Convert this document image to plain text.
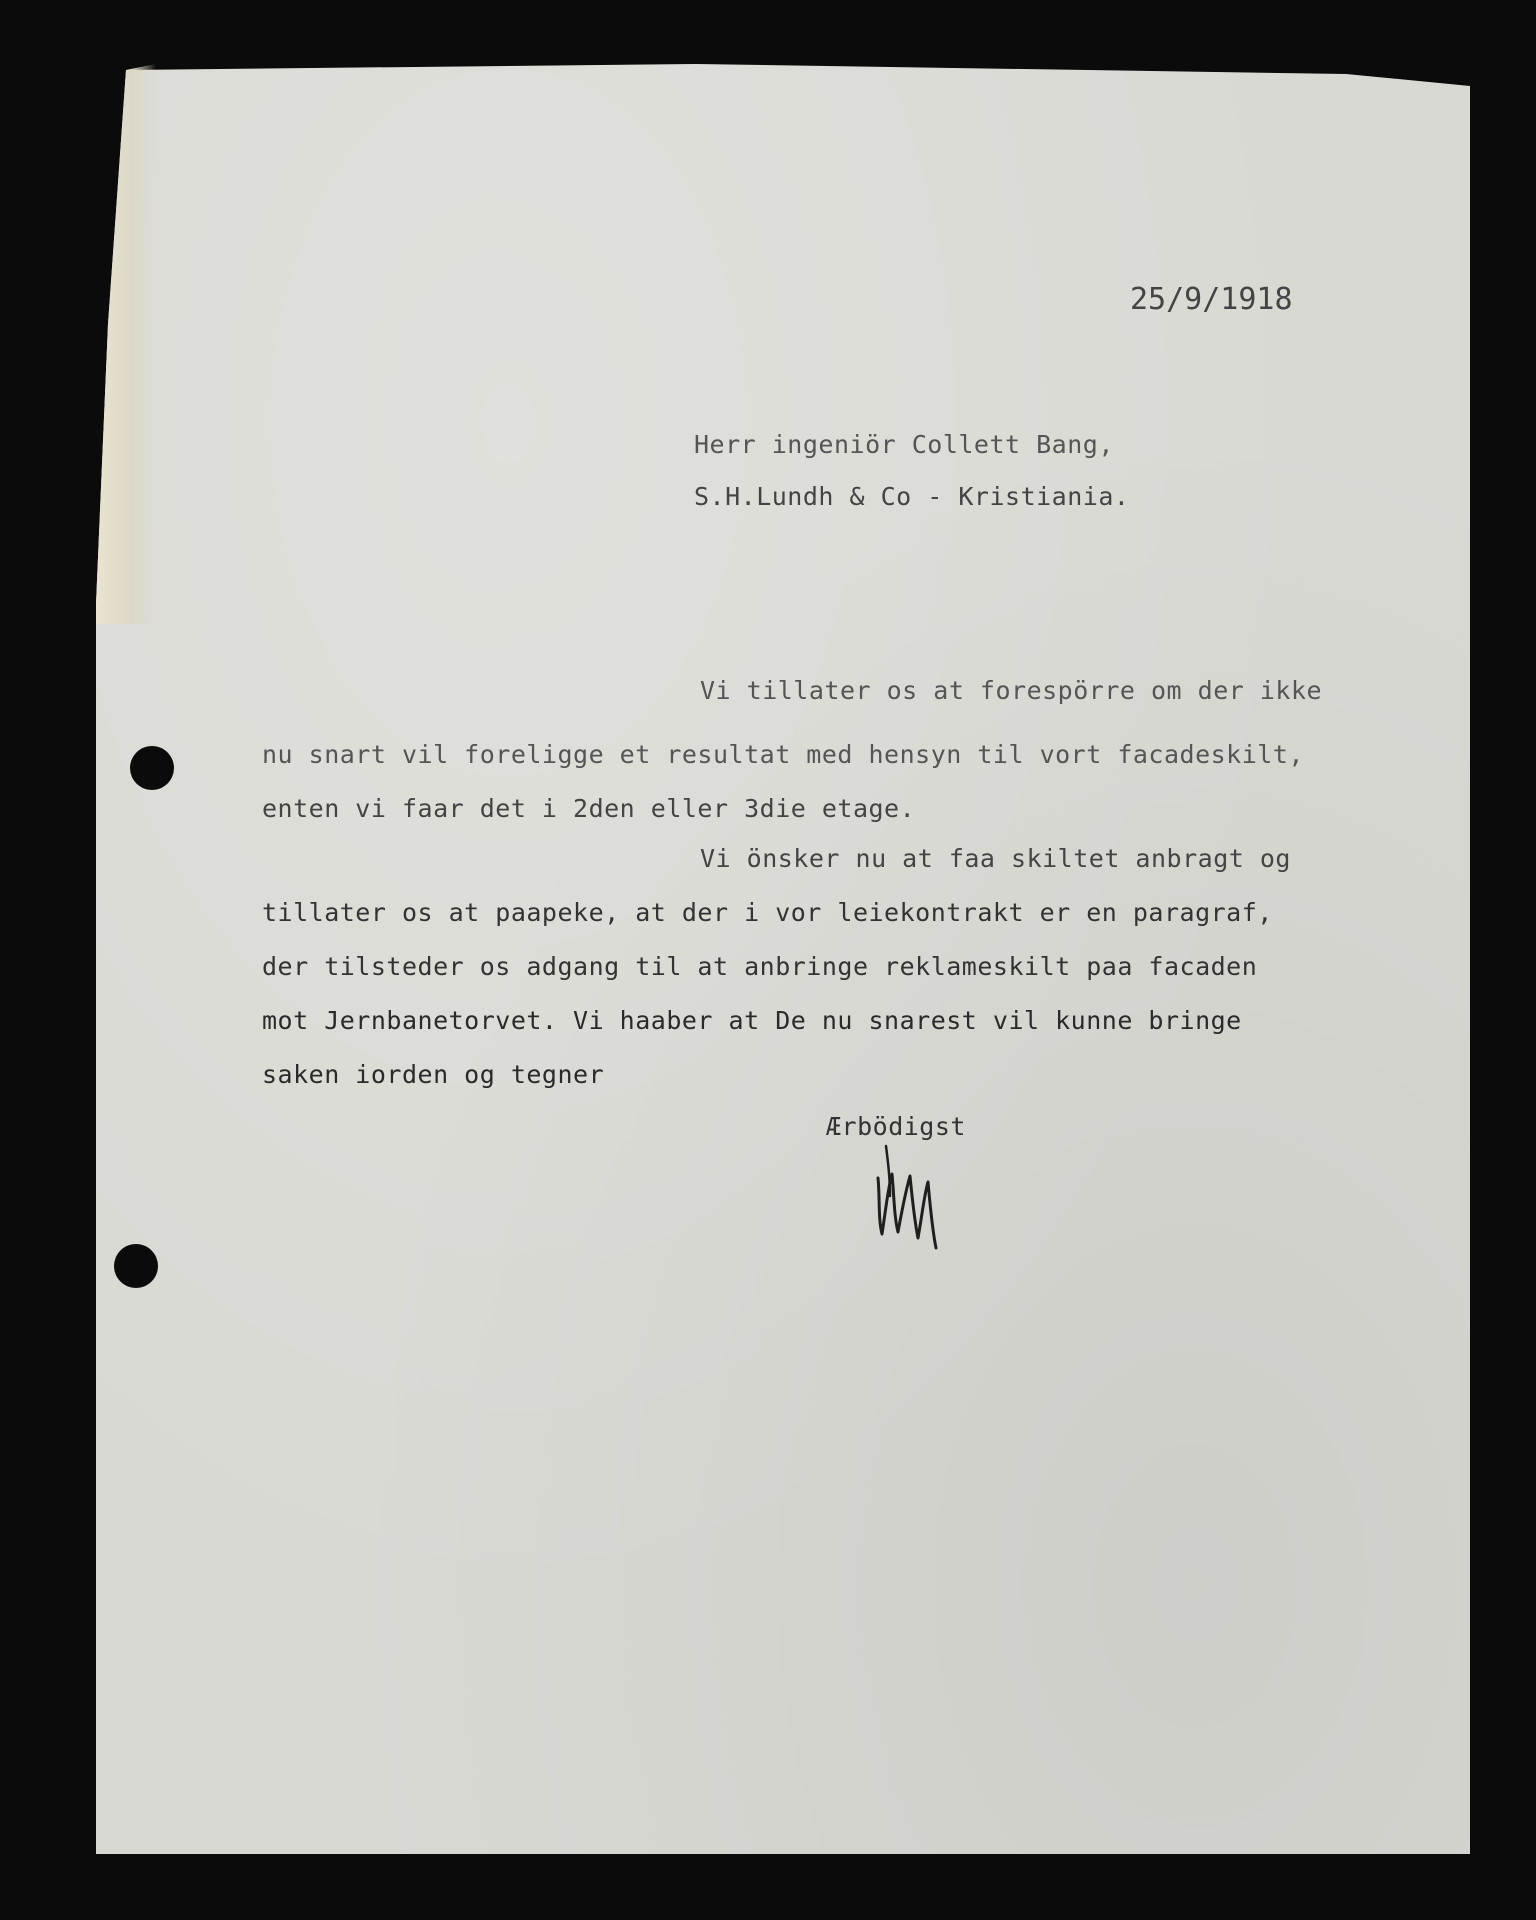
25/9/1918
Herr ingeniör Collett Bang,
S.H.Lundh & Co - Kristiania.
Vi tillater os at forespörre om der ikke
nu snart vil foreligge et resultat med hensyn til vort facadeskilt,
enten vi faar det i 2den eller 3die etage.
Vi önsker nu at faa skiltet anbragt og
tillater os at paapeke, at der i vor leiekontrakt er en paragraf,
der tilsteder os adgang til at anbringe reklameskilt paa facaden
mot Jernbanetorvet. Vi haaber at De nu snarest vil kunne bringe
saken iorden og tegner
Ærbödigst
